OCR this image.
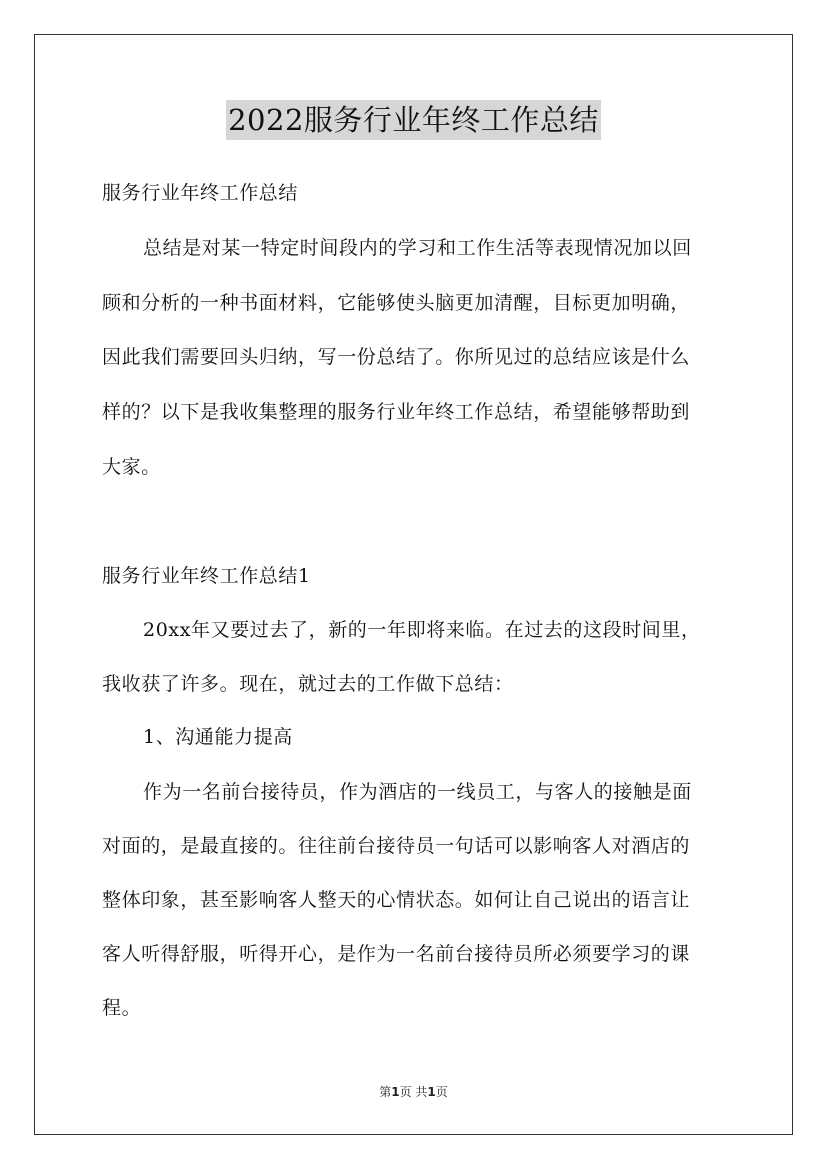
2022服务行业年终工作总结
服务行业年终工作总结
总结是对某一特定时间段内的学习和工作生活等表现情况加以回
顾和分析的一种书面材料，它能够使头脑更加清醒，目标更加明确，
因此我们需要回头归纳，写一份总结了。你所见过的总结应该是什么
样的？以下是我收集整理的服务行业年终工作总结，希望能够帮助到
大家。
服务行业年终工作总结1
20xx年又要过去了，新的一年即将来临。在过去的这段时间里，
我收获了许多。现在，就过去的工作做下总结：
1、沟通能力提高
作为一名前台接待员，作为酒店的一线员工，与客人的接触是面
对面的，是最直接的。往往前台接待员一句话可以影响客人对酒店的
整体印象，甚至影响客人整天的心情状态。如何让自己说出的语言让
客人听得舒服，听得开心，是作为一名前台接待员所必须要学习的课
程。
第1页 共1页
